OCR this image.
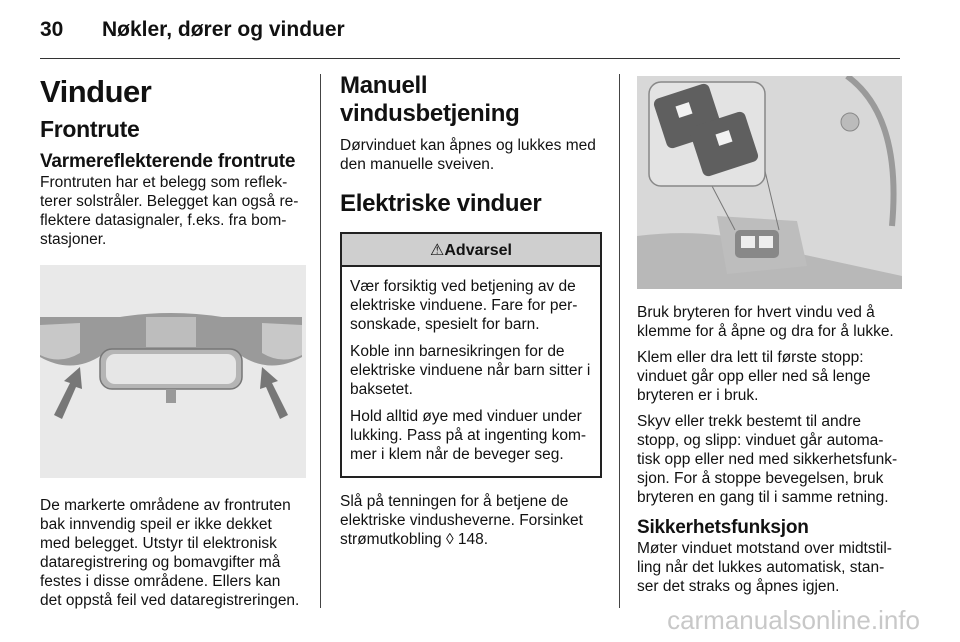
30 Nøkler, dører og vinduer
Vinduer
Frontrute
Varmereflekterende frontrute

Frontruten har et belegg som reflek-terer solstråler. Belegget kan også re-flektere datasignaler, f.eks. fra bom-stasjoner.

De markerte områdene av frontruten bak innvendig speil er ikke dekket med belegget. Utstyr til elektronisk dataregistrering og bomavgifter må festes i disse områdene. Ellers kan det oppstå feil ved dataregistreringen.

Manuell vindusbetjening

Dørvinduet kan åpnes og lukkes med den manuelle sveiven.

Elektriske vinduer
⚠Advarsel

Vær forsiktig ved betjening av de elektriske vinduene. Fare for per-sonskade, spesielt for barn.

Koble inn barnesikringen for de elektriske vinduene når barn sitter i baksetet.

Hold alltid øye med vinduer under lukking. Pass på at ingenting kom-mer i klem når de beveger seg.

Slå på tenningen for å betjene de elektriske vindusheverne. Forsinket strømutkobling ◊ 148.

Bruk bryteren for hvert vindu ved å klemme for å åpne og dra for å lukke.

Klem eller dra lett til første stopp: vinduet går opp eller ned så lenge bryteren er i bruk.

Skyv eller trekk bestemt til andre stopp, og slipp: vinduet går automa-tisk opp eller ned med sikkerhetsfunk-sjon. For å stoppe bevegelsen, bruk bryteren en gang til i samme retning.

Sikkerhetsfunksjon

Møter vinduet motstand over midtstil-ling når det lukkes automatisk, stan-ser det straks og åpnes igjen.

carmanualsonline.info
